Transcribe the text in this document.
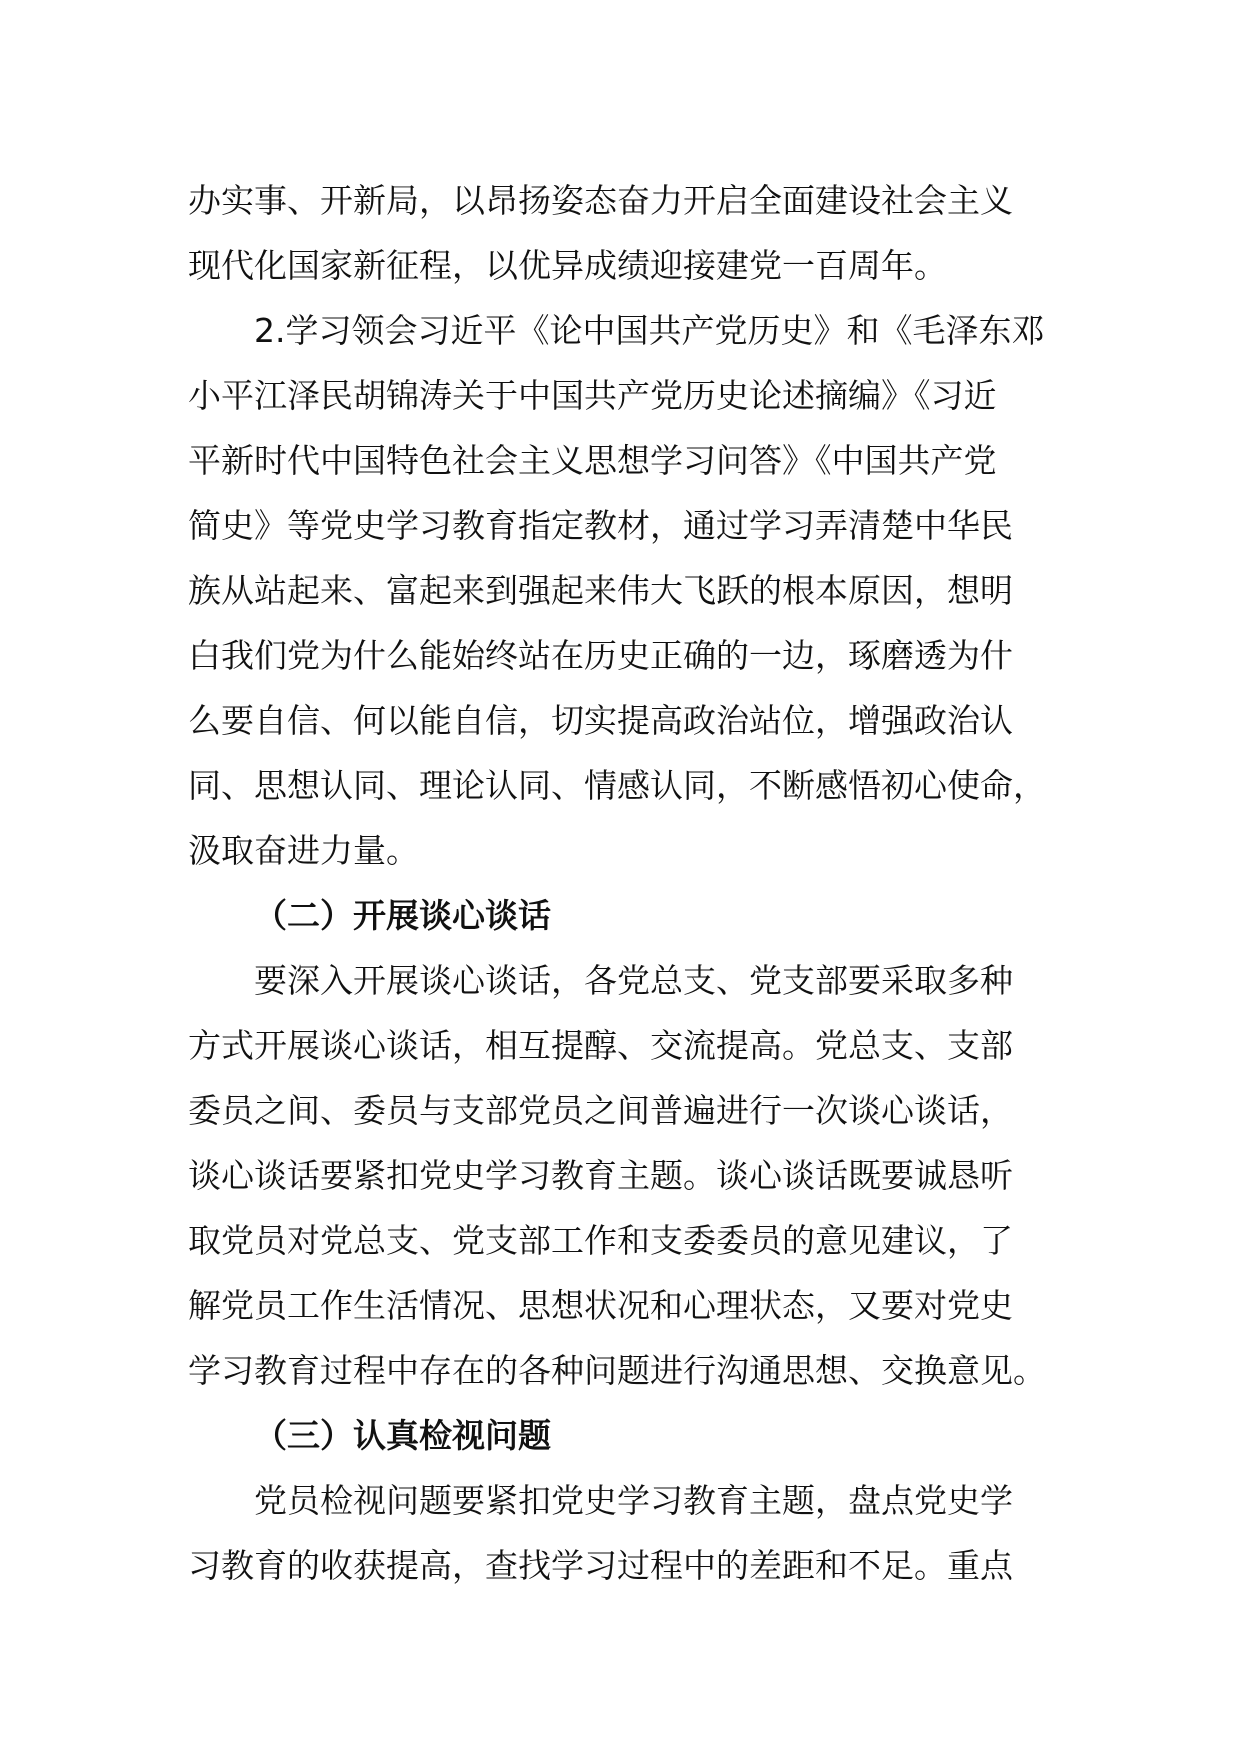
办实事、开新局，以昂扬姿态奋力开启全面建设社会主义
现代化国家新征程，以优异成绩迎接建党一百周年。
2.学习领会习近平《论中国共产党历史》和《毛泽东邓
小平江泽民胡锦涛关于中国共产党历史论述摘编》《习近
平新时代中国特色社会主义思想学习问答》《中国共产党
简史》等党史学习教育指定教材，通过学习弄清楚中华民
族从站起来、富起来到强起来伟大飞跃的根本原因，想明
白我们党为什么能始终站在历史正确的一边，琢磨透为什
么要自信、何以能自信，切实提高政治站位，增强政治认
同、思想认同、理论认同、情感认同，不断感悟初心使命，
汲取奋进力量。
（二）开展谈心谈话
要深入开展谈心谈话，各党总支、党支部要采取多种
方式开展谈心谈话，相互提醇、交流提高。党总支、支部
委员之间、委员与支部党员之间普遍进行一次谈心谈话，
谈心谈话要紧扣党史学习教育主题。谈心谈话既要诚恳听
取党员对党总支、党支部工作和支委委员的意见建议，了
解党员工作生活情况、思想状况和心理状态，又要对党史
学习教育过程中存在的各种问题进行沟通思想、交换意见。
（三）认真检视问题
党员检视问题要紧扣党史学习教育主题，盘点党史学
习教育的收获提高，查找学习过程中的差距和不足。重点
